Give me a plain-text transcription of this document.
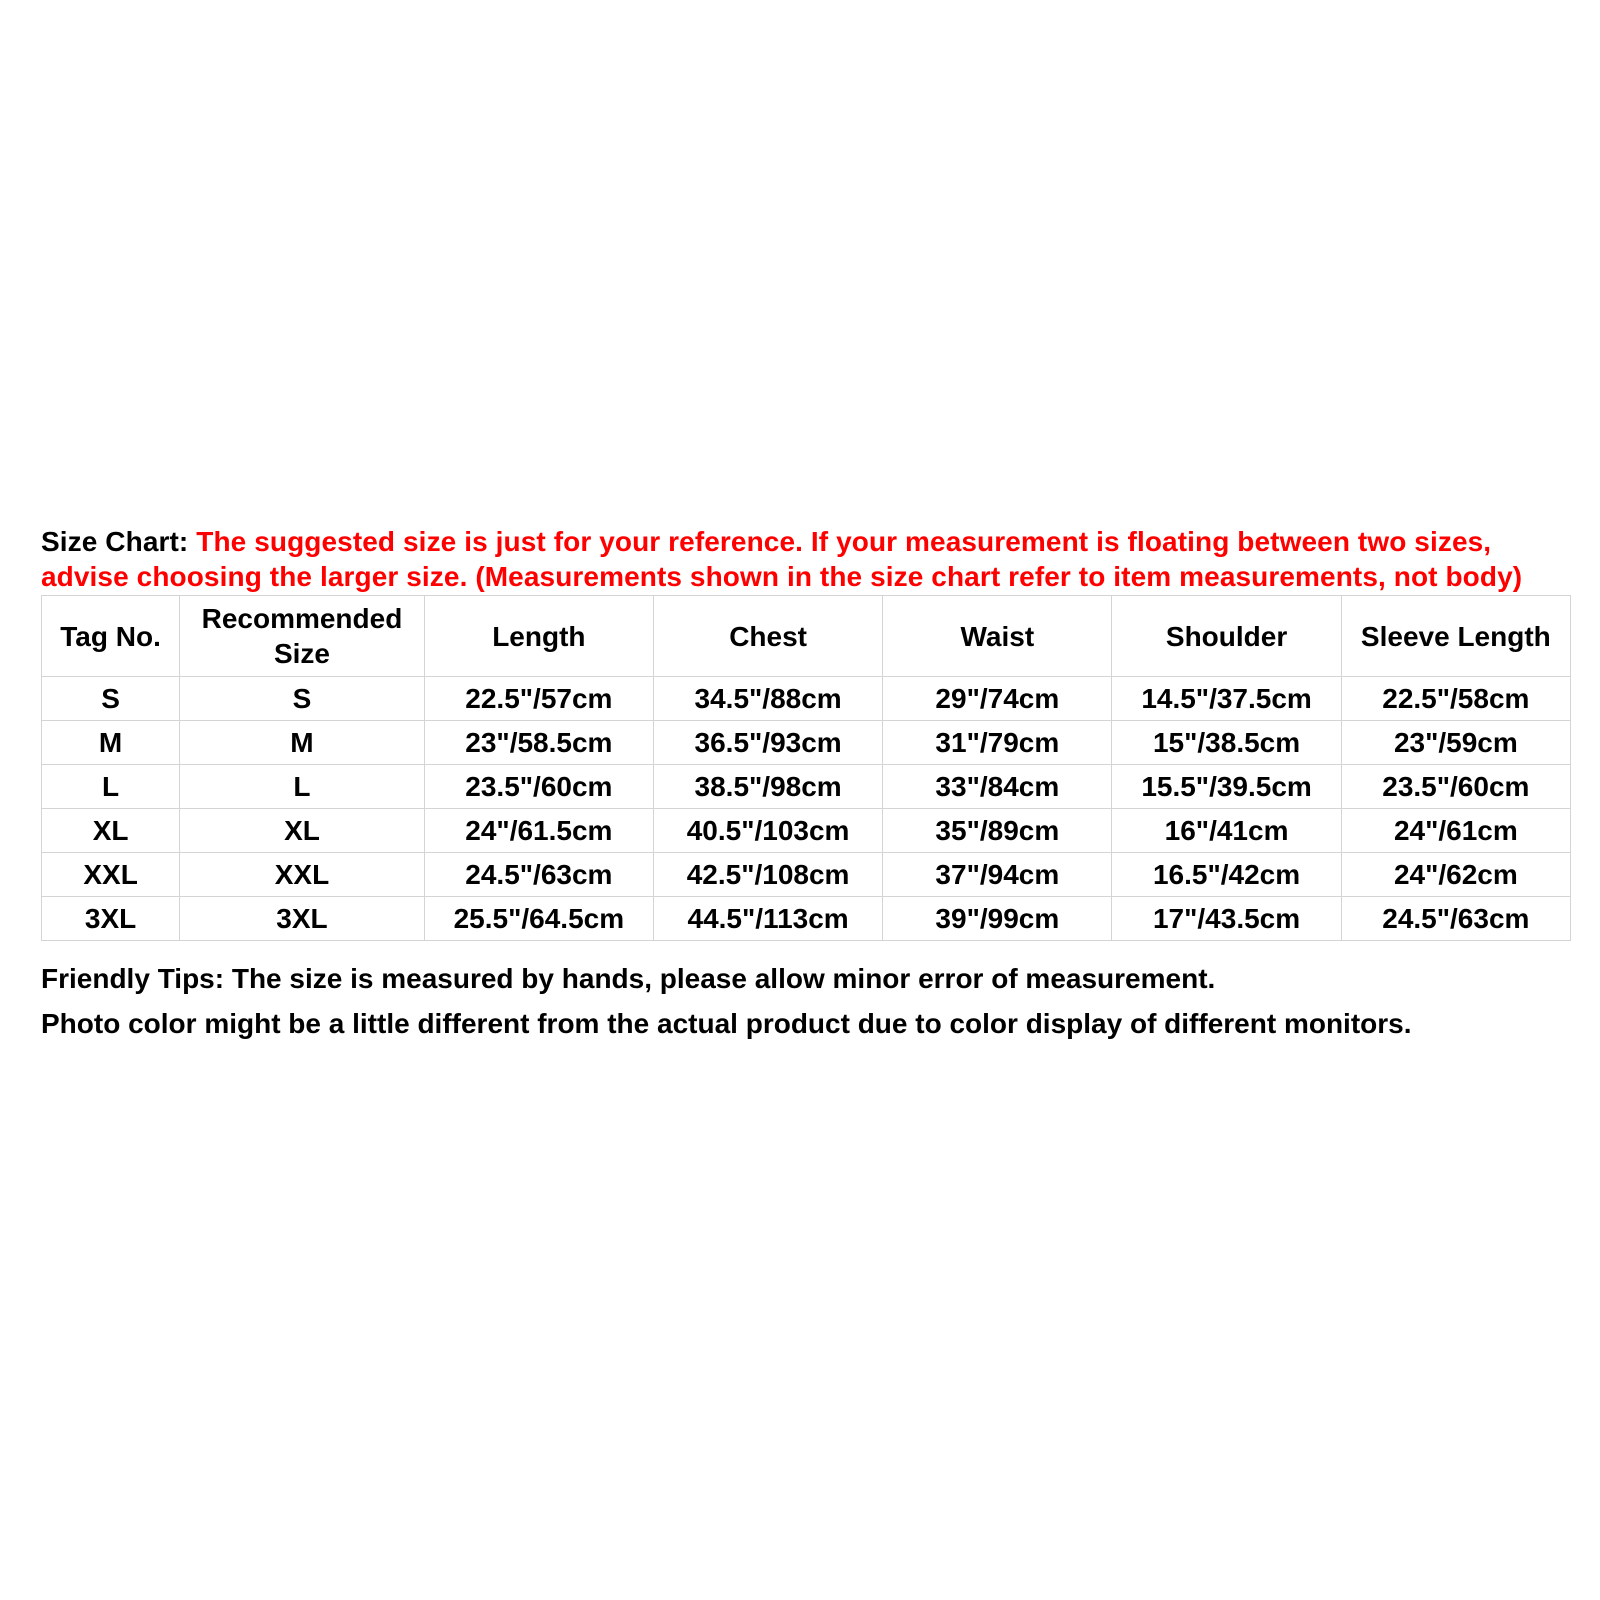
Size Chart: The suggested size is just for your reference. If your measurement is floating between two sizes, advise choosing the larger size. (Measurements shown in the size chart refer to item measurements, not body)

Tag No.	Recommended Size	Length	Chest	Waist	Shoulder	Sleeve Length
S	S	22.5"/57cm	34.5"/88cm	29"/74cm	14.5"/37.5cm	22.5"/58cm
M	M	23"/58.5cm	36.5"/93cm	31"/79cm	15"/38.5cm	23"/59cm
L	L	23.5"/60cm	38.5"/98cm	33"/84cm	15.5"/39.5cm	23.5"/60cm
XL	XL	24"/61.5cm	40.5"/103cm	35"/89cm	16"/41cm	24"/61cm
XXL	XXL	24.5"/63cm	42.5"/108cm	37"/94cm	16.5"/42cm	24"/62cm
3XL	3XL	25.5"/64.5cm	44.5"/113cm	39"/99cm	17"/43.5cm	24.5"/63cm

Friendly Tips: The size is measured by hands, please allow minor error of measurement.

Photo color might be a little different from the actual product due to color display of different monitors.
